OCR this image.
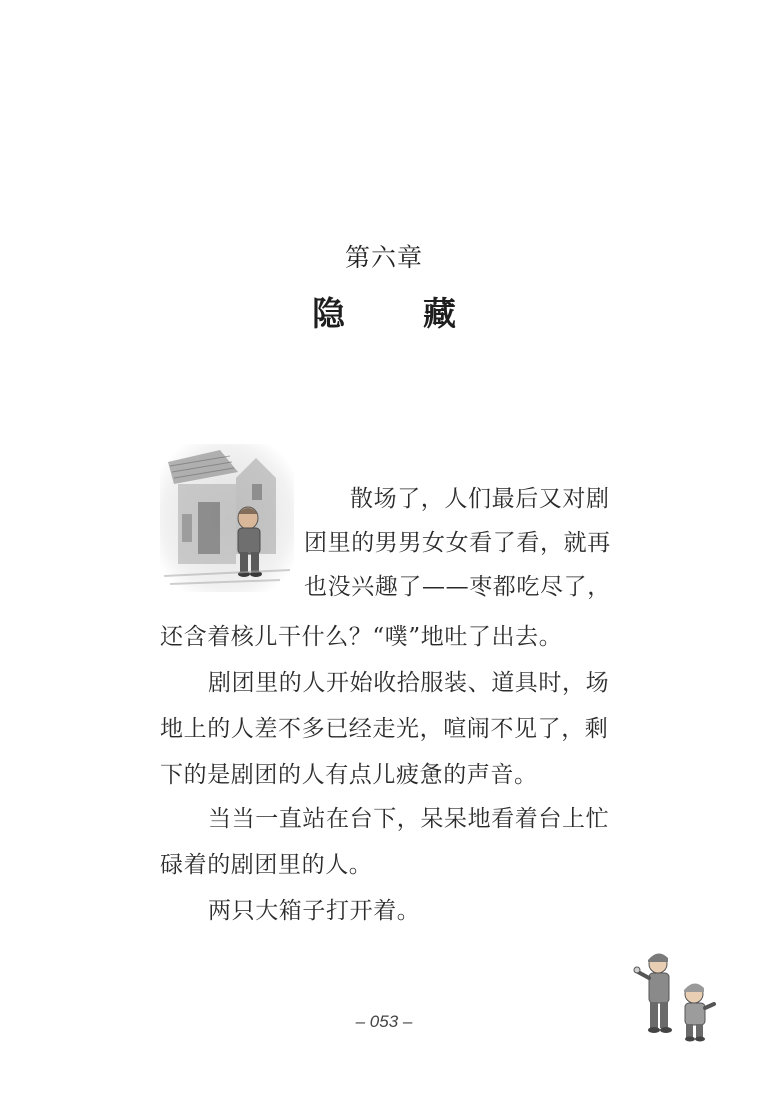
第六章
隐 藏
散场了，人们最后又对剧
团里的男男女女看了看，就再
也没兴趣了——枣都吃尽了，
还含着核儿干什么？“噗”地吐了出去。
剧团里的人开始收拾服装、道具时，场
地上的人差不多已经走光，喧闹不见了，剩
下的是剧团的人有点儿疲惫的声音。
当当一直站在台下，呆呆地看着台上忙
碌着的剧团里的人。
两只大箱子打开着。
– 053 –
